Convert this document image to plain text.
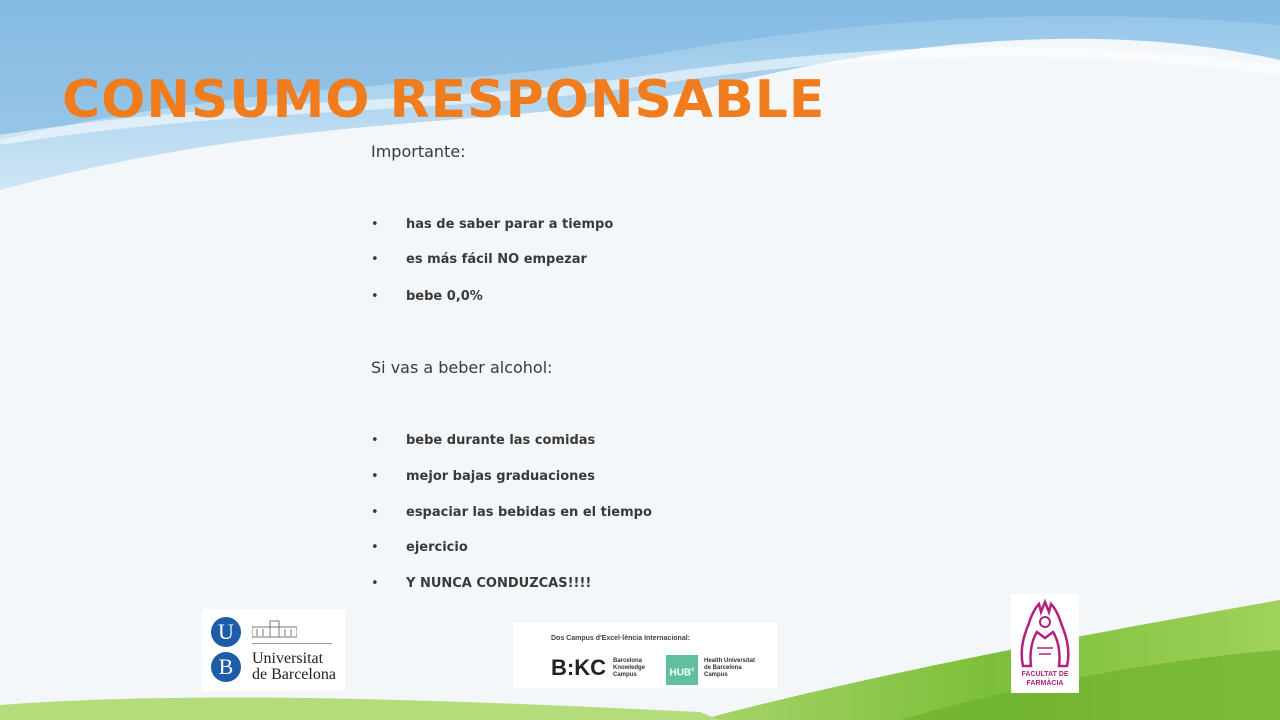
CONSUMO RESPONSABLE
Importante:
• has de saber parar a tiempo
• es más fácil NO empezar
• bebe 0,0%
Si vas a beber alcohol:
• bebe durante las comidas
• mejor bajas graduaciones
• espaciar las bebidas en el tiempo
• ejercicio
• Y NUNCA CONDUZCAS!!!!
U
B	Universitat
de Barcelona
Dos Campus d'Excel·lència Internacional:
B:KC Barcelona
Knowledge
Campus	HUB$^c$
Health Universitat
de Barcelona
Campus	FACULTAT DE
FARMÀCIA
